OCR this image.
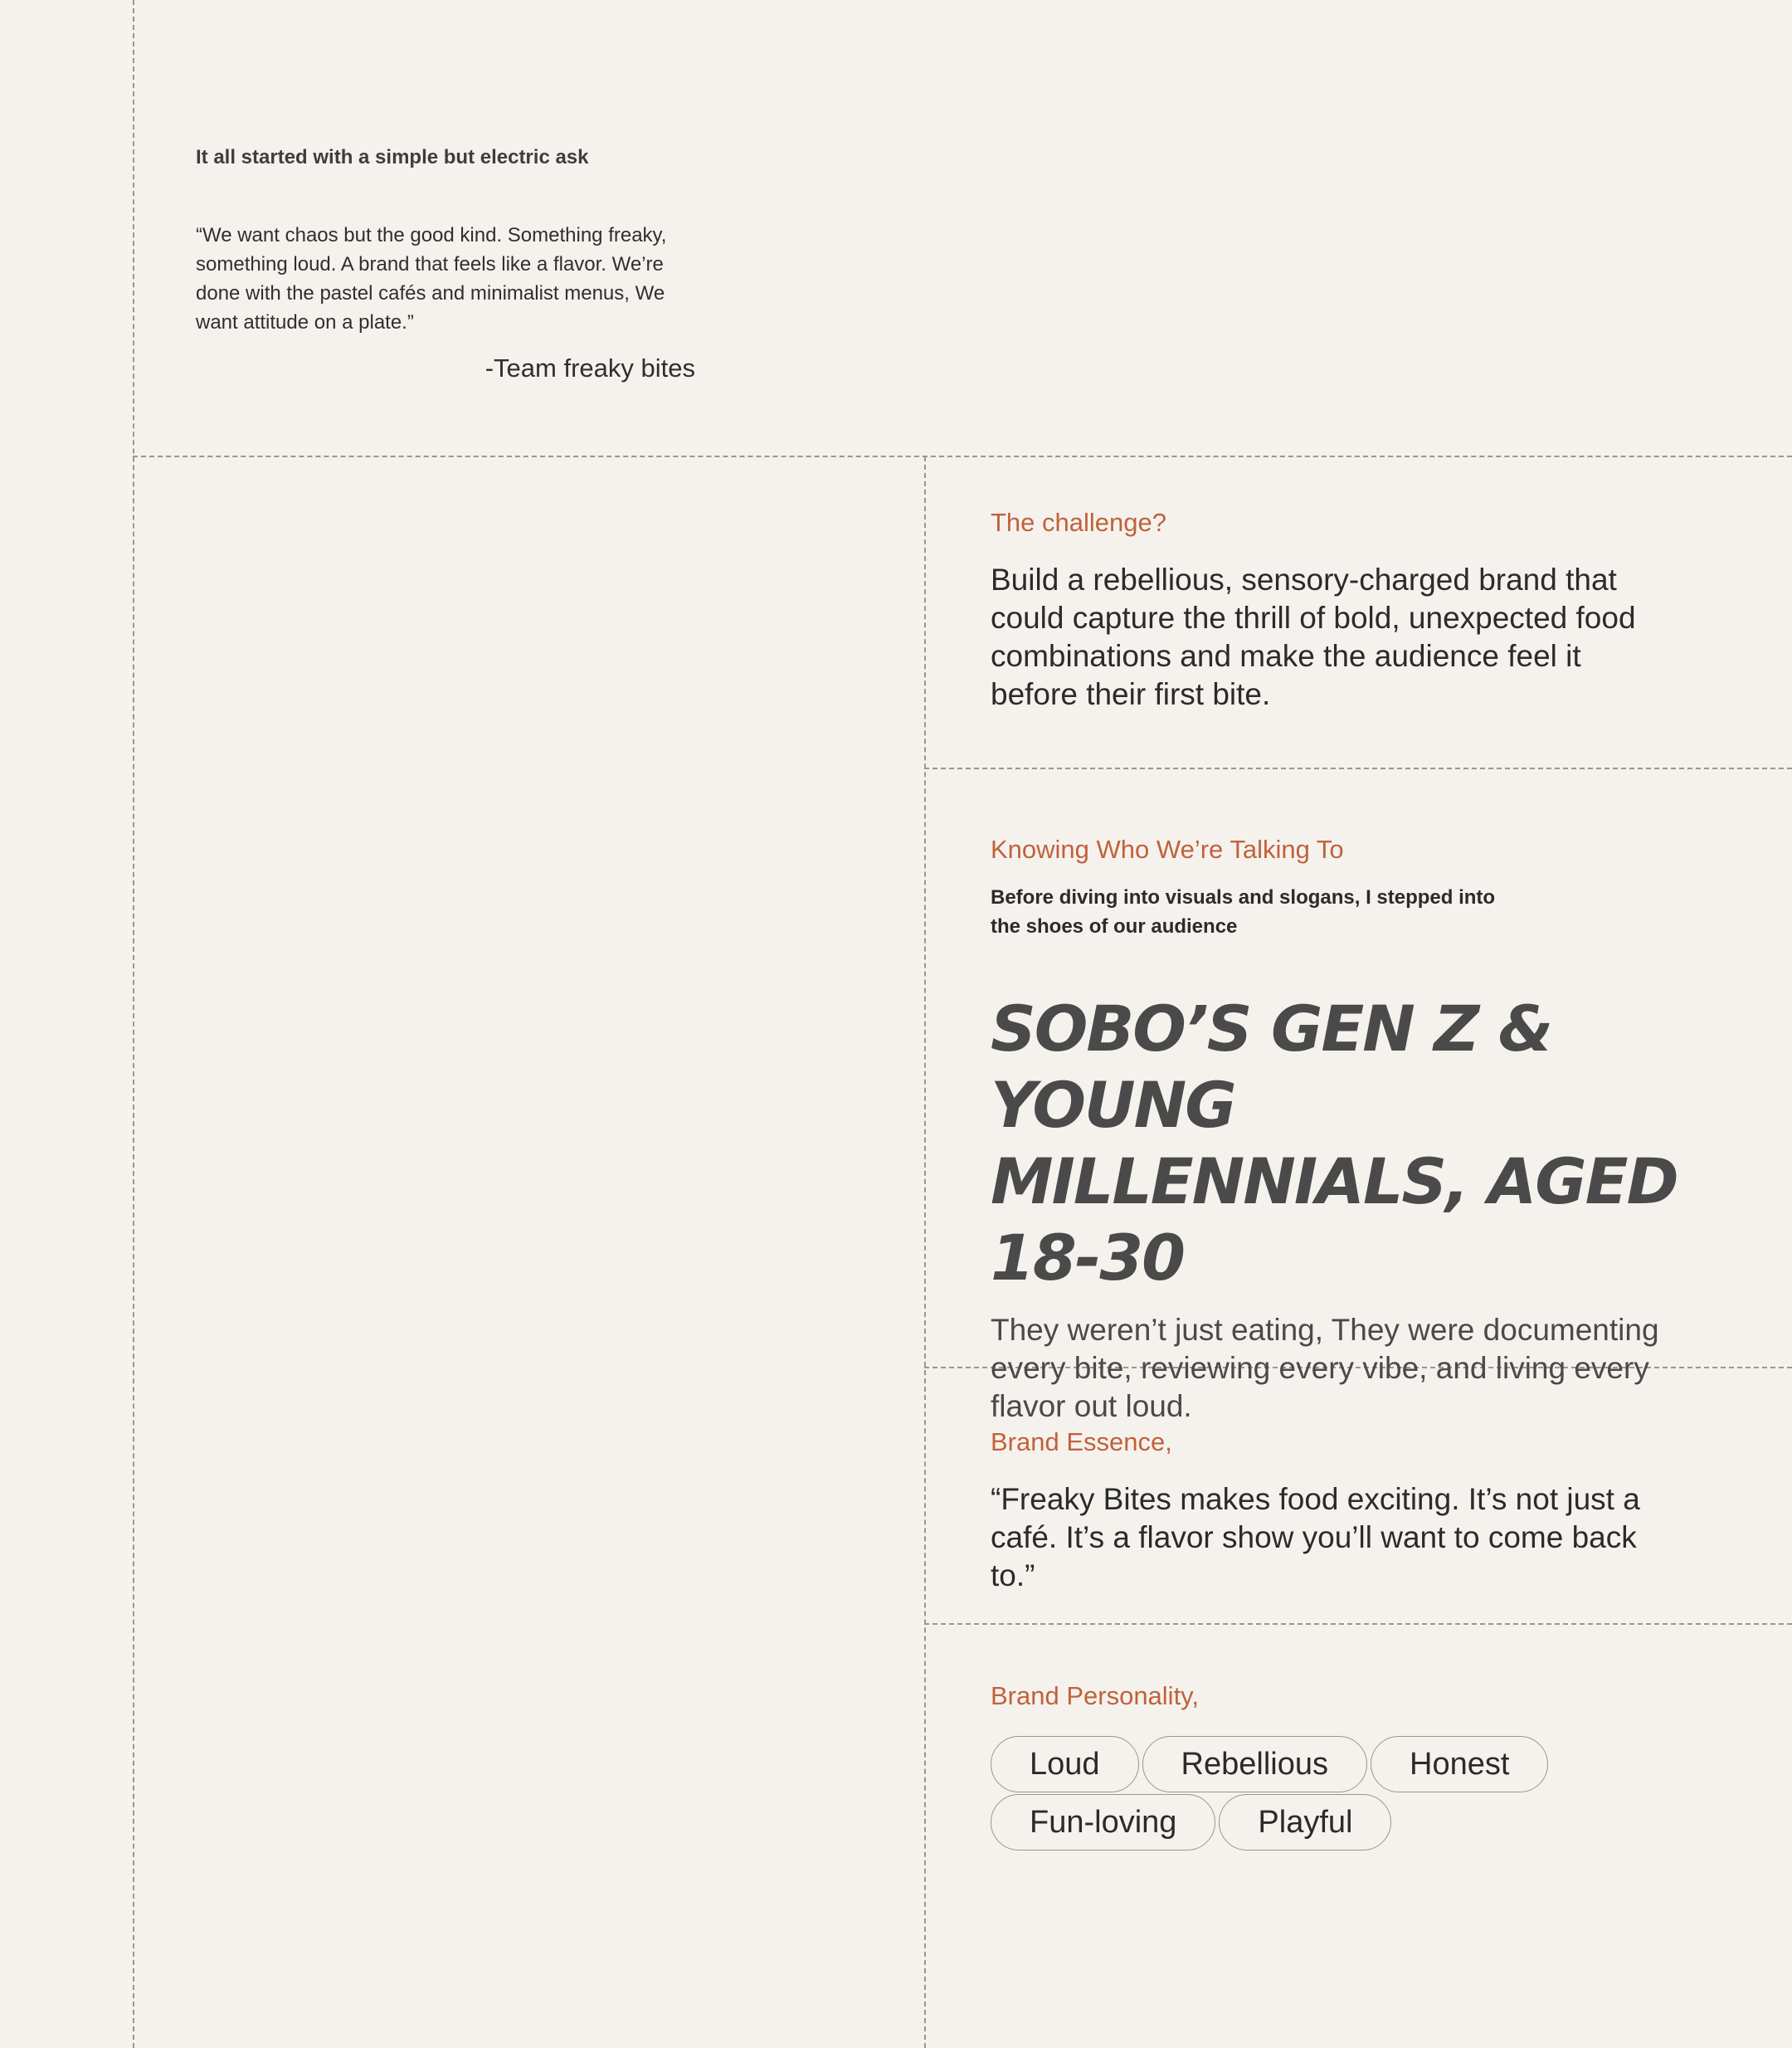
It all started with a simple but electric ask

“We want chaos but the good kind. Something freaky, something loud. A brand that feels like a flavor. We’re done with the pastel cafés and minimalist menus, We want attitude on a plate.”

-Team freaky bites

The challenge?

Build a rebellious, sensory-charged brand that could capture the thrill of bold, unexpected food combinations and make the audience feel it before their first bite.

Knowing Who We’re Talking To

Before diving into visuals and slogans, I stepped into the shoes of our audience

SOBO’S GEN Z & YOUNG MILLENNIALS, AGED 18-30

They weren’t just eating, They were documenting every bite, reviewing every vibe, and living every flavor out loud.

Brand Essence,

“Freaky Bites makes food exciting. It’s not just a café. It’s a flavor show you’ll want to come back to.”

Brand Personality,

Loud	Rebellious	Honest
Fun-loving	Playful
